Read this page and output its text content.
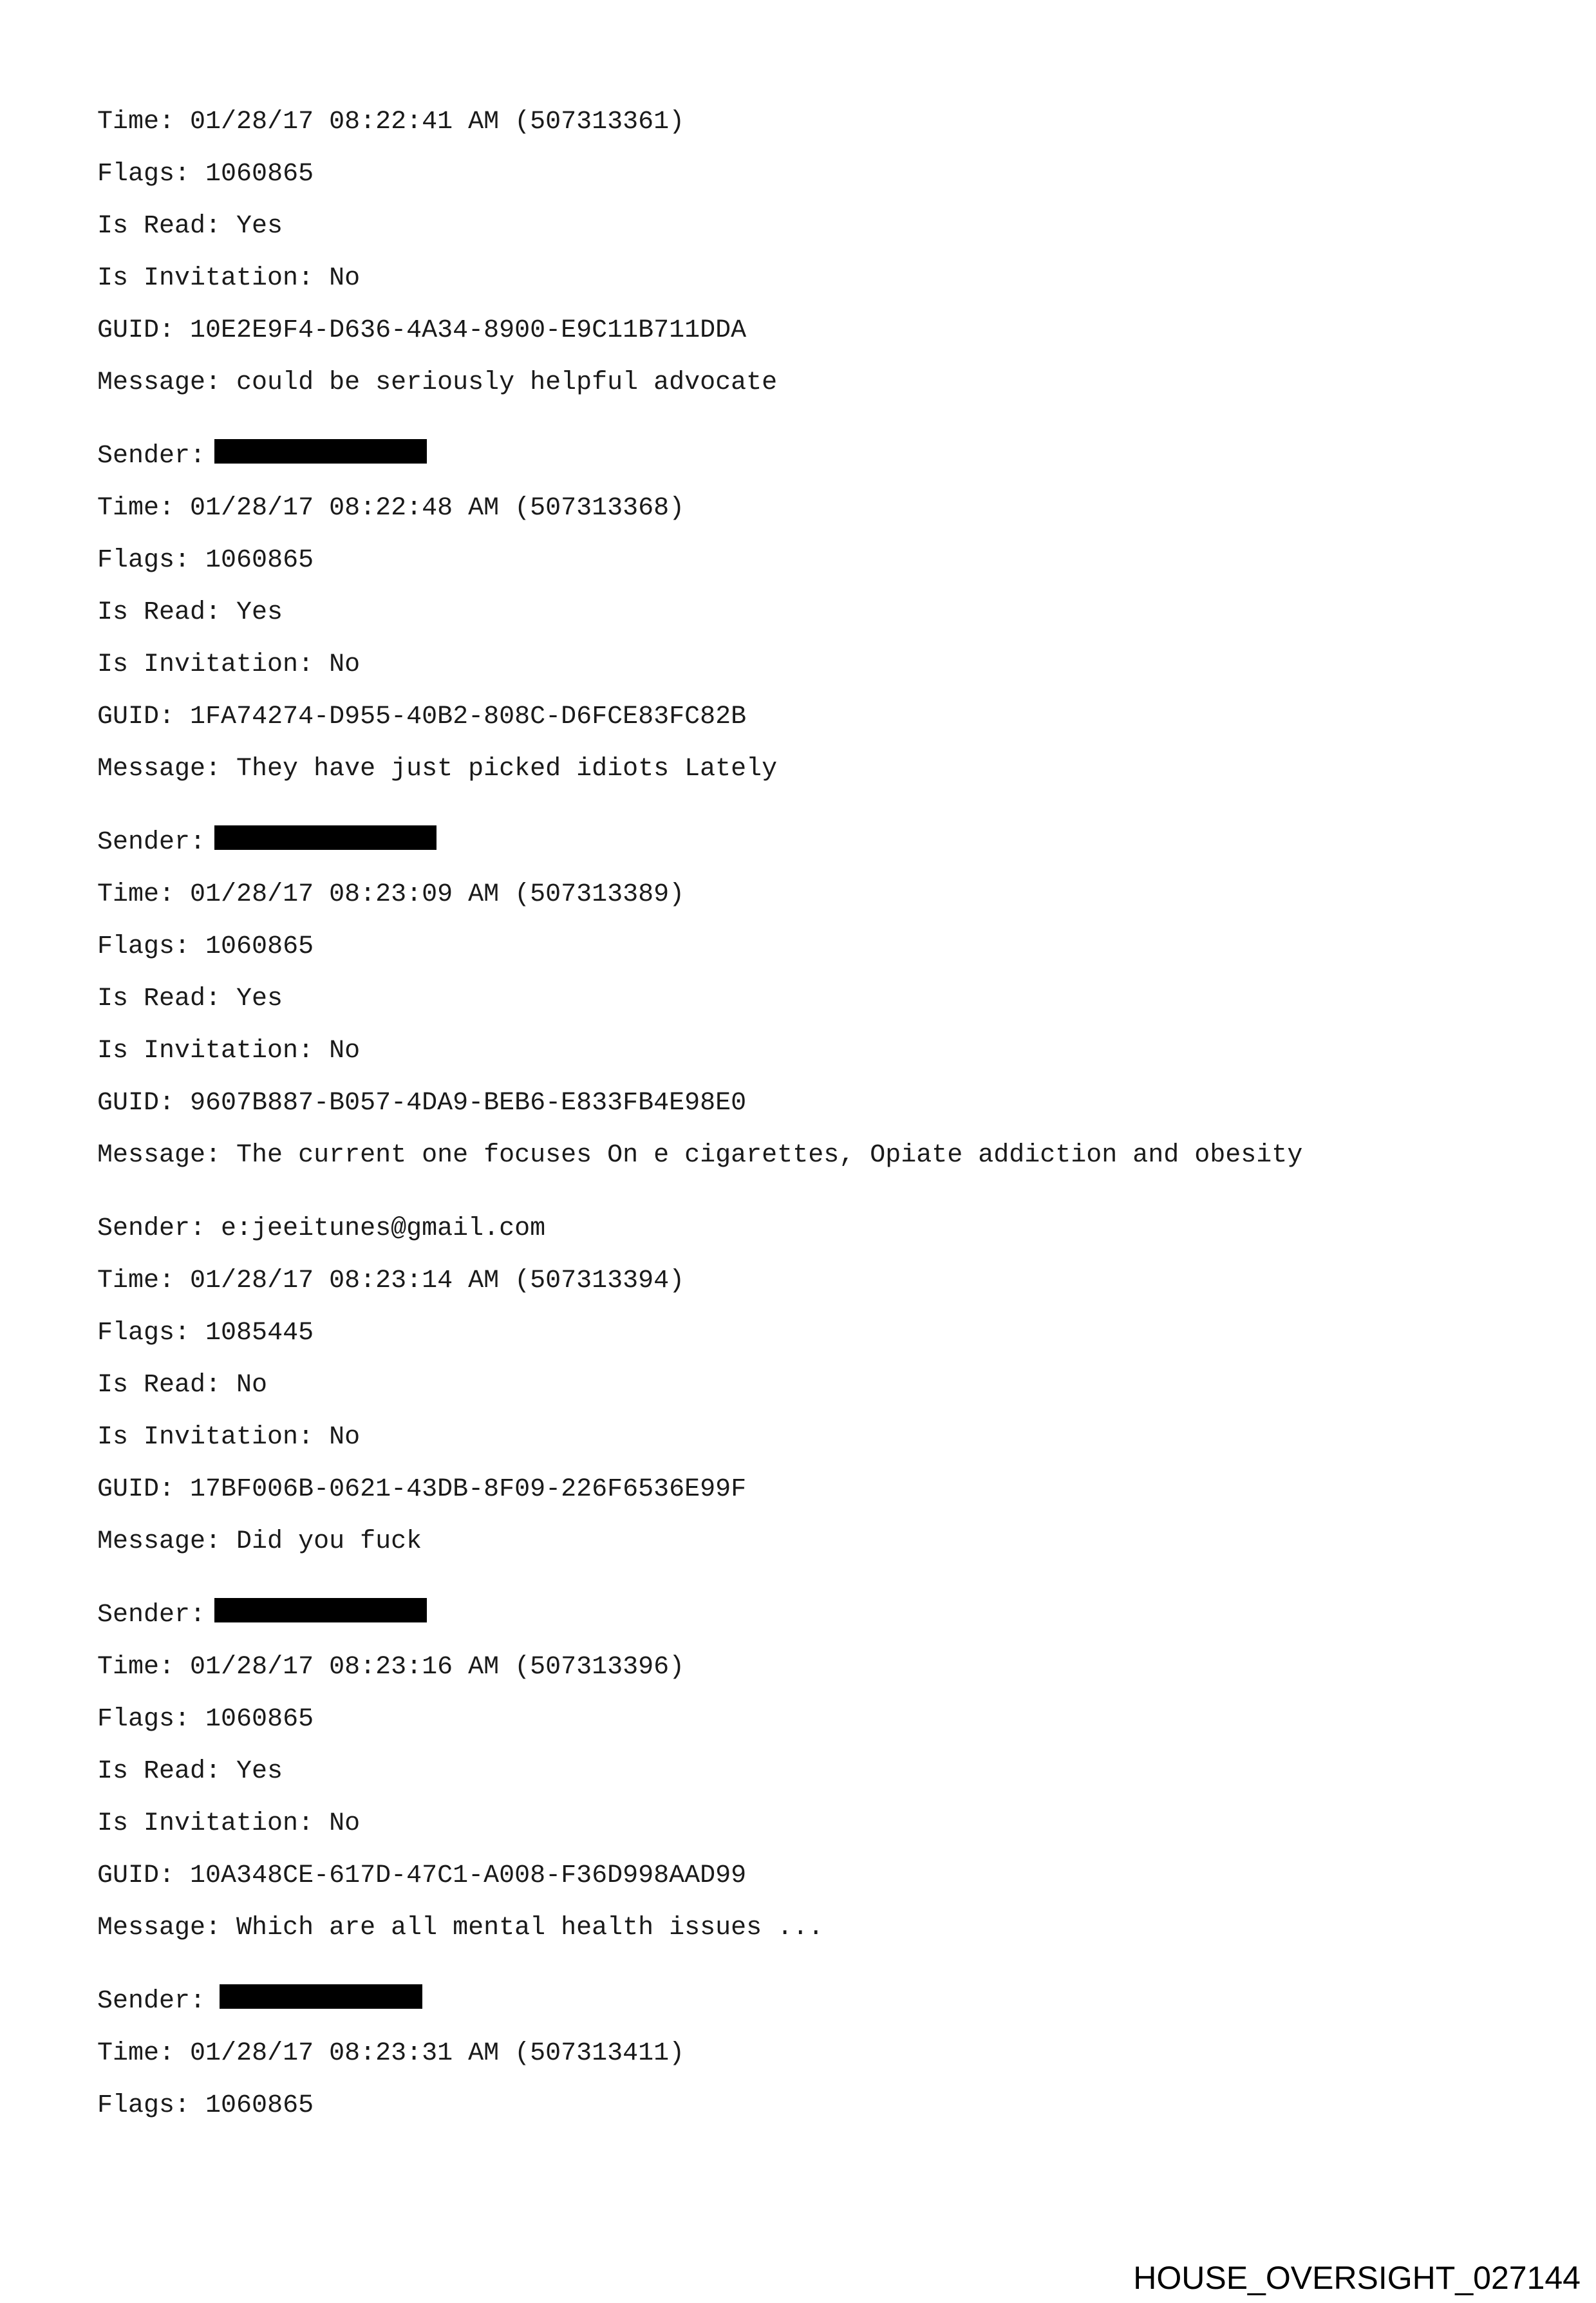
Time: 01/28/17 08:22:41 AM (507313361)
Flags: 1060865
Is Read: Yes
Is Invitation: No
GUID: 10E2E9F4-D636-4A34-8900-E9C11B711DDA
Message: could be seriously helpful advocate
Sender:
Time: 01/28/17 08:22:48 AM (507313368)
Flags: 1060865
Is Read: Yes
Is Invitation: No
GUID: 1FA74274-D955-40B2-808C-D6FCE83FC82B
Message: They have just picked idiots Lately
Sender:
Time: 01/28/17 08:23:09 AM (507313389)
Flags: 1060865
Is Read: Yes
Is Invitation: No
GUID: 9607B887-B057-4DA9-BEB6-E833FB4E98E0
Message: The current one focuses On e cigarettes, Opiate addiction and obesity
Sender: e:jeeitunes@gmail.com
Time: 01/28/17 08:23:14 AM (507313394)
Flags: 1085445
Is Read: No
Is Invitation: No
GUID: 17BF006B-0621-43DB-8F09-226F6536E99F
Message: Did you fuck
Sender:
Time: 01/28/17 08:23:16 AM (507313396)
Flags: 1060865
Is Read: Yes
Is Invitation: No
GUID: 10A348CE-617D-47C1-A008-F36D998AAD99
Message: Which are all mental health issues ...
Sender:
Time: 01/28/17 08:23:31 AM (507313411)
Flags: 1060865
HOUSE_OVERSIGHT_027144
